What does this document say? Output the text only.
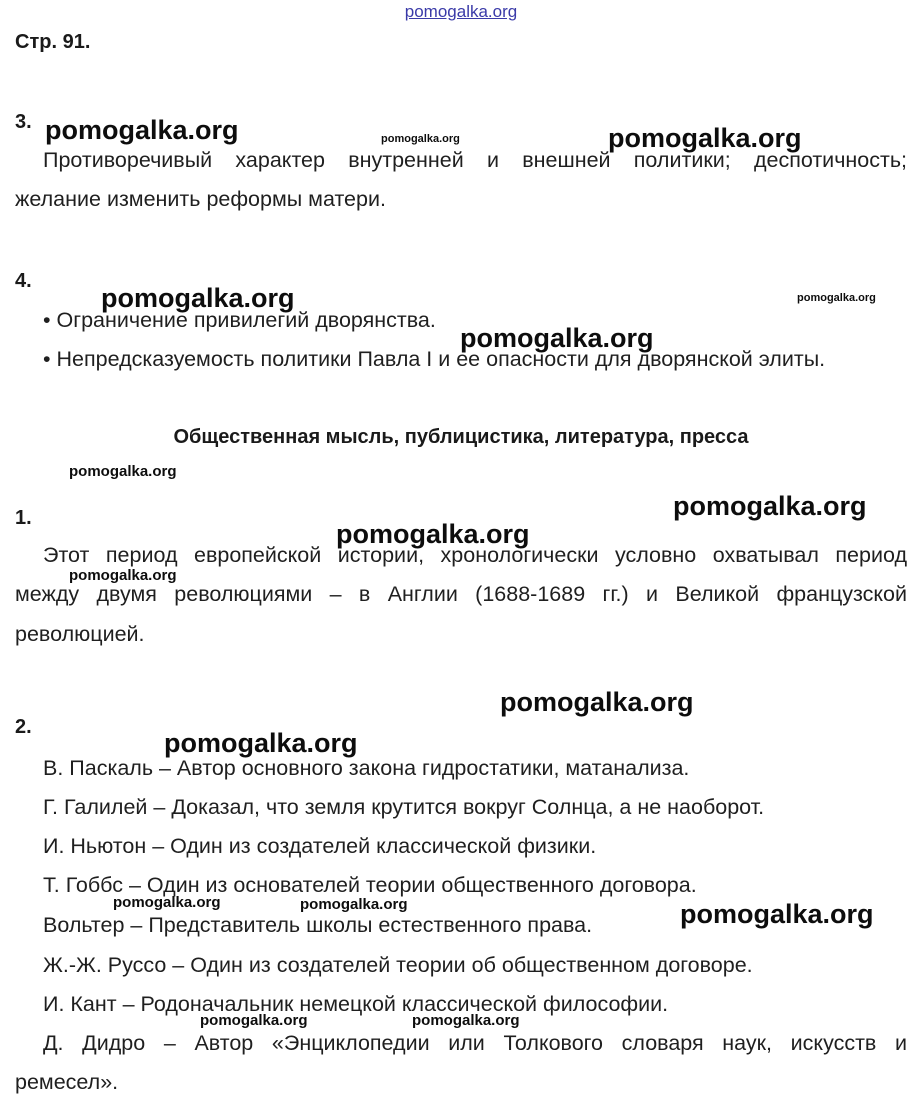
pomogalka.org
Стр. 91.
3.
Противоречивый характер внутренней и внешней политики; деспотичность;
желание изменить реформы матери.
4.
• Ограничение привилегий дворянства.
• Непредсказуемость политики Павла I и ее опасности для дворянской элиты.
Общественная мысль, публицистика, литература, пресса
1.
Этот период европейской истории, хронологически условно охватывал период
между двумя революциями – в Англии (1688-1689 гг.) и Великой французской
революцией.
2.
В. Паскаль – Автор основного закона гидростатики, матанализа.
Г. Галилей – Доказал, что земля крутится вокруг Солнца, а не наоборот.
И. Ньютон – Один из создателей классической физики.
Т. Гоббс – Один из основателей теории общественного договора.
Вольтер – Представитель школы естественного права.
Ж.-Ж. Руссо – Один из создателей теории об общественном договоре.
И. Кант – Родоначальник немецкой классической философии.
Д. Дидро – Автор «Энциклопедии или Толкового словаря наук, искусств и
ремесел».
pomogalka.org	pomogalka.org	pomogalka.org
pomogalka.org	pomogalka.org
pomogalka.org
pomogalka.org
pomogalka.org
pomogalka.org
pomogalka.org
pomogalka.org
pomogalka.org
pomogalka.org	pomogalka.org	pomogalka.org
pomogalka.org	pomogalka.org
